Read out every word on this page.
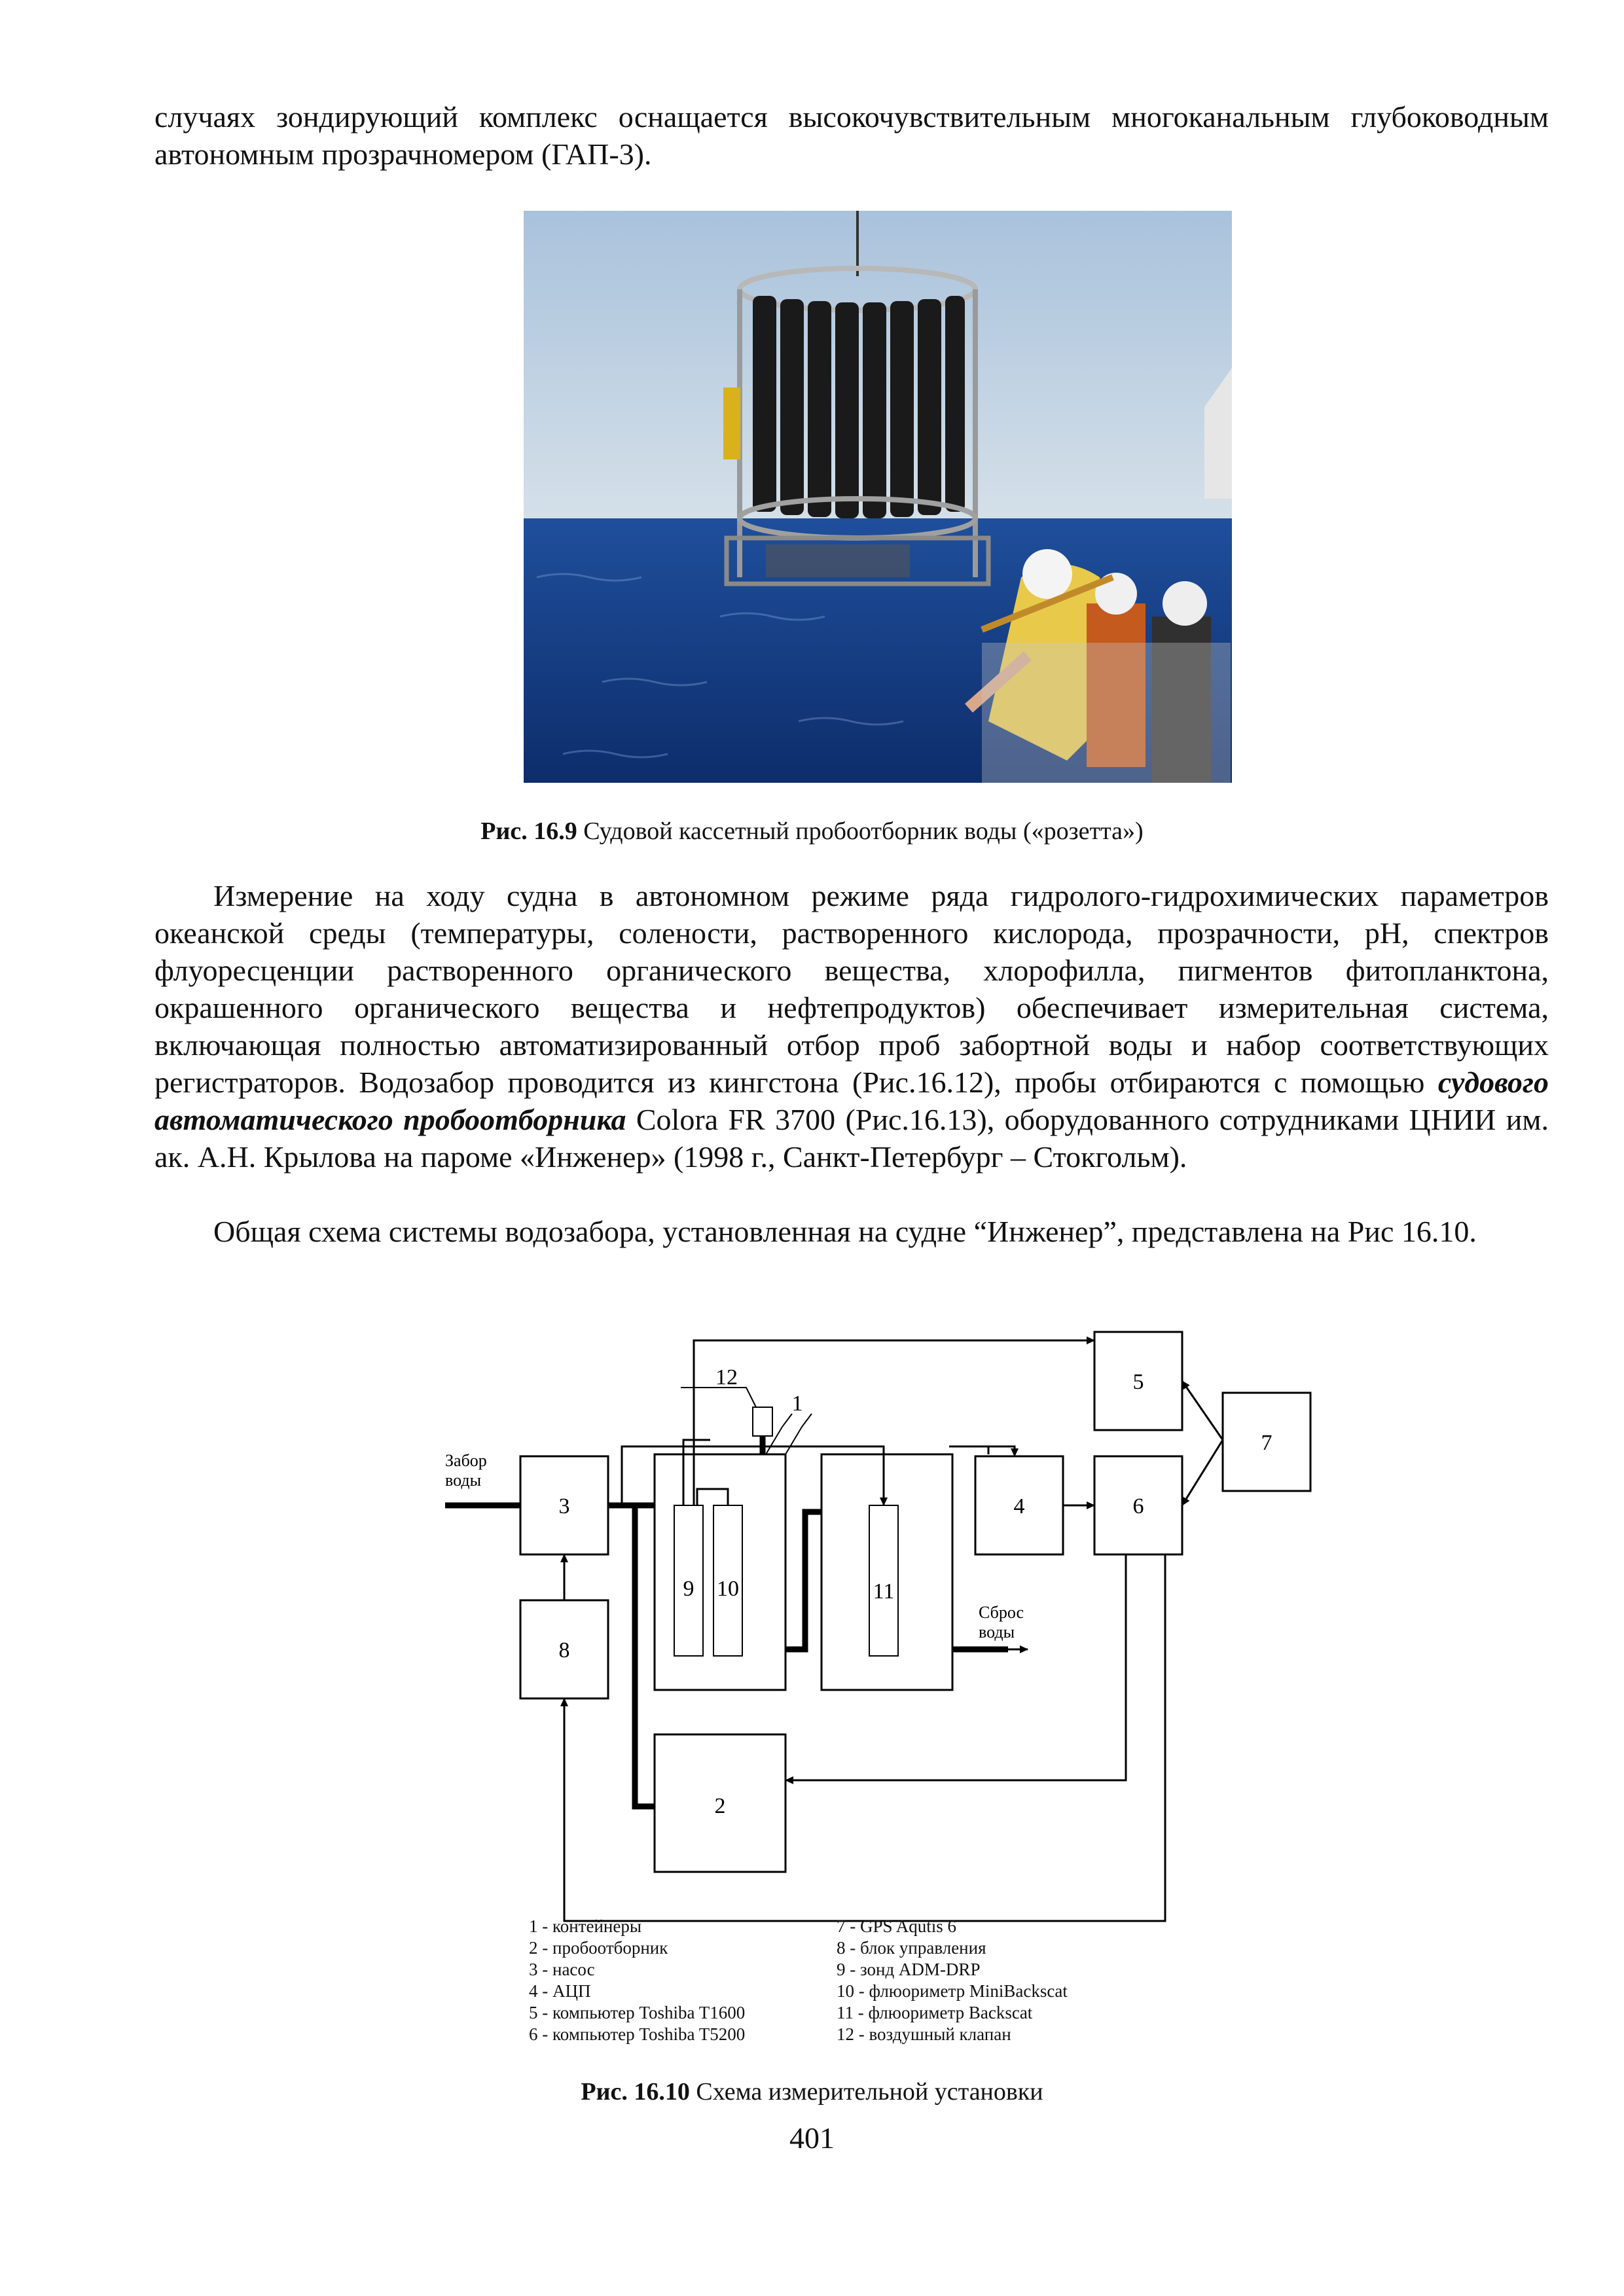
случаях зондирующий комплекс оснащается высокочувствительным многоканальным глубоководным автономным прозрачномером (ГАП-3).
Рис. 16.9 Судовой кассетный пробоотборник воды («розетта»)
Измерение на ходу судна в автономном режиме ряда гидролого-гидрохимических параметров океанской среды (температуры, солености, растворенного кислорода, прозрачности, pH, спектров флуоресценции растворенного органического вещества, хлорофилла, пигментов фитопланктона, окрашенного органического вещества и нефтепродуктов) обеспечивает измерительная система, включающая полностью автоматизированный отбор проб забортной воды и набор соответствующих регистраторов. Водозабор проводится из кингстона (Рис.16.12), пробы отбираются с помощью судового автоматического пробоотборника Colora FR 3700 (Рис.16.13), оборудованного сотрудниками ЦНИИ им. ак. А.Н. Крылова на пароме «Инженер» (1998 г., Санкт-Петербург – Стокгольм).
Общая схема системы водозабора, установленная на судне “Инженер”, представлена на Рис 16.10.
3
8
4	6
5
7
2
9 10	11
12
1
Забор
воды
Сброс
воды
1 - контейнеры
2 - пробоотборник
3 - насос
4 - АЦП
5 - компьютер Toshiba T1600
6 - компьютер Toshiba T5200
7 - GPS Aqutis 6
8 - блок управления
9 - зонд ADM-DRP
10 - флюориметр MiniBackscat
11 - флюориметр Backscat
12 - воздушный клапан
Рис. 16.10 Схема измерительной установки
401
